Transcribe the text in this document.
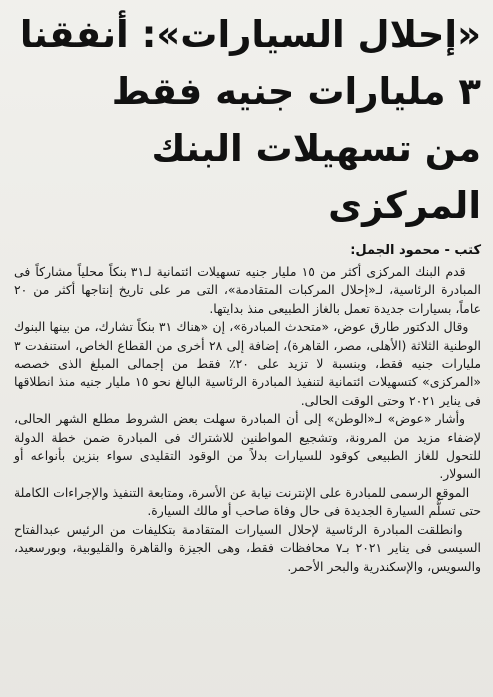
«إحلال السيارات»: أنفقنا
٣ مليارات جنيه فقط
من تسهيلات البنك المركزى
كتب - محمود الجمل:

قدم البنك المركزى أكثر من ١٥ مليار جنيه تسهيلات ائتمانية لـ٣١ بنكاً محلياً مشاركاً فى المبادرة الرئاسية، لـ«إحلال المركبات المتقادمة»، التى مر على تاريخ إنتاجها أكثر من ٢٠ عاماً، بسيارات جديدة تعمل بالغاز الطبيعى منذ بدايتها.

وقال الدكتور طارق عوض، «متحدث المبادرة»، إن «هناك ٣١ بنكاً تشارك، من بينها البنوك الوطنية الثلاثة (الأهلى، مصر، القاهرة)، إضافة إلى ٢٨ أخرى من القطاع الخاص، استنفدت ٣ مليارات جنيه فقط، وبنسبة لا تزيد على ٢٠٪ فقط من إجمالى المبلغ الذى خصصه «المركزى» كتسهيلات ائتمانية لتنفيذ المبادرة الرئاسية البالغ نحو ١٥ مليار جنيه منذ انطلاقها فى يناير ٢٠٢١ وحتى الوقت الحالى.

وأشار «عوض» لـ«الوطن» إلى أن المبادرة سهلت بعض الشروط مطلع الشهر الحالى، لإضفاء مزيد من المرونة، وتشجيع المواطنين للاشتراك فى المبادرة ضمن خطة الدولة للتحول للغاز الطبيعى كوقود للسيارات بدلاً من الوقود التقليدى سواء بنزين بأنواعه أو السولار.

الموقع الرسمى للمبادرة على الإنترنت نيابة عن الأسرة، ومتابعة التنفيذ والإجراءات الكاملة حتى تسلُّم السيارة الجديدة فى حال وفاة صاحب أو مالك السيارة.

وانطلقت المبادرة الرئاسية لإحلال السيارات المتقادمة بتكليفات من الرئيس عبدالفتاح السيسى فى يناير ٢٠٢١ بـ٧ محافظات فقط، وهى الجيزة والقاهرة والقليوبية، وبورسعيد، والسويس، والإسكندرية والبحر الأحمر.
